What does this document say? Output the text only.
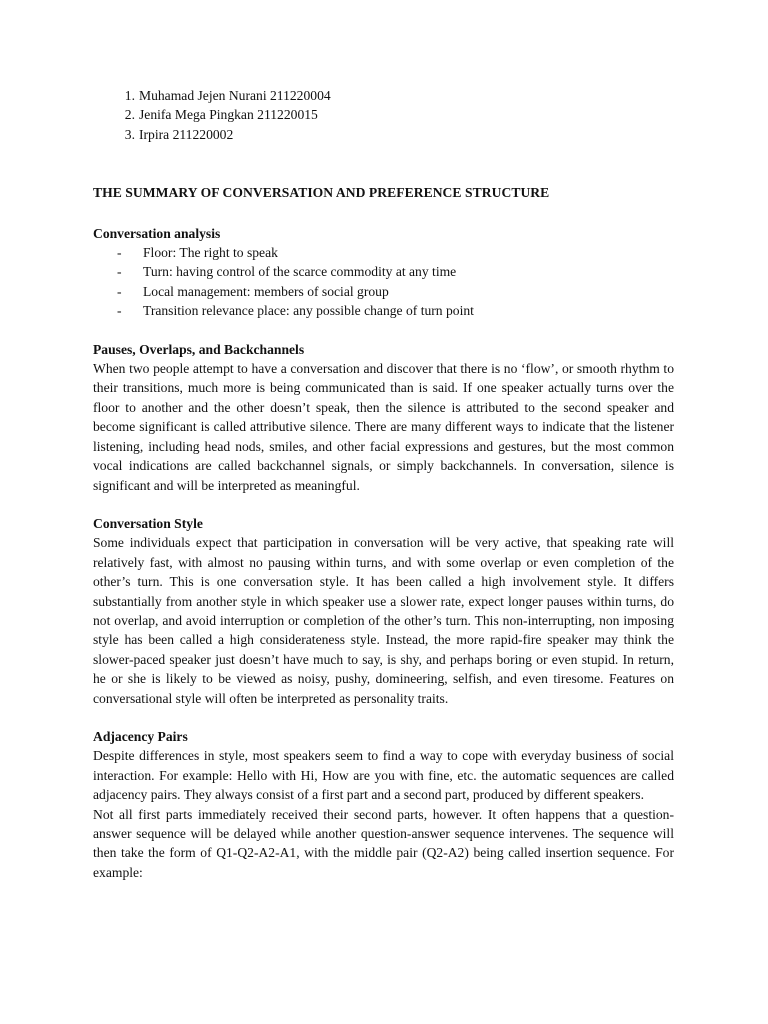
1. Muhamad Jejen Nurani 211220004
2. Jenifa Mega Pingkan 211220015
3. Irpira 211220002
THE SUMMARY OF CONVERSATION AND PREFERENCE STRUCTURE
Conversation analysis
-	Floor: The right to speak
-	Turn: having control of the scarce commodity at any time
-	Local management: members of social group
-	Transition relevance place: any possible change of turn point
Pauses, Overlaps, and Backchannels

When two people attempt to have a conversation and discover that there is no ‘flow’, or smooth rhythm to their transitions, much more is being communicated than is said. If one speaker actually turns over the floor to another and the other doesn’t speak, then the silence is attributed to the second speaker and become significant is called attributive silence. There are many different ways to indicate that the listener listening, including head nods, smiles, and other facial expressions and gestures, but the most common vocal indications are called backchannel signals, or simply backchannels. In conversation, silence is significant and will be interpreted as meaningful.

Conversation Style

Some individuals expect that participation in conversation will be very active, that speaking rate will relatively fast, with almost no pausing within turns, and with some overlap or even completion of the other’s turn. This is one conversation style. It has been called a high involvement style. It differs substantially from another style in which speaker use a slower rate, expect longer pauses within turns, do not overlap, and avoid interruption or completion of the other’s turn. This non-interrupting, non imposing style has been called a high considerateness style. Instead, the more rapid-fire speaker may think the slower-paced speaker just doesn’t have much to say, is shy, and perhaps boring or even stupid. In return, he or she is likely to be viewed as noisy, pushy, domineering, selfish, and even tiresome. Features on conversational style will often be interpreted as personality traits.

Adjacency Pairs

Despite differences in style, most speakers seem to find a way to cope with everyday business of social interaction. For example: Hello with Hi, How are you with fine, etc. the automatic sequences are called adjacency pairs. They always consist of a first part and a second part, produced by different speakers.

Not all first parts immediately received their second parts, however. It often happens that a question-answer sequence will be delayed while another question-answer sequence intervenes. The sequence will then take the form of Q1-Q2-A2-A1, with the middle pair (Q2-A2) being called insertion sequence. For example:
